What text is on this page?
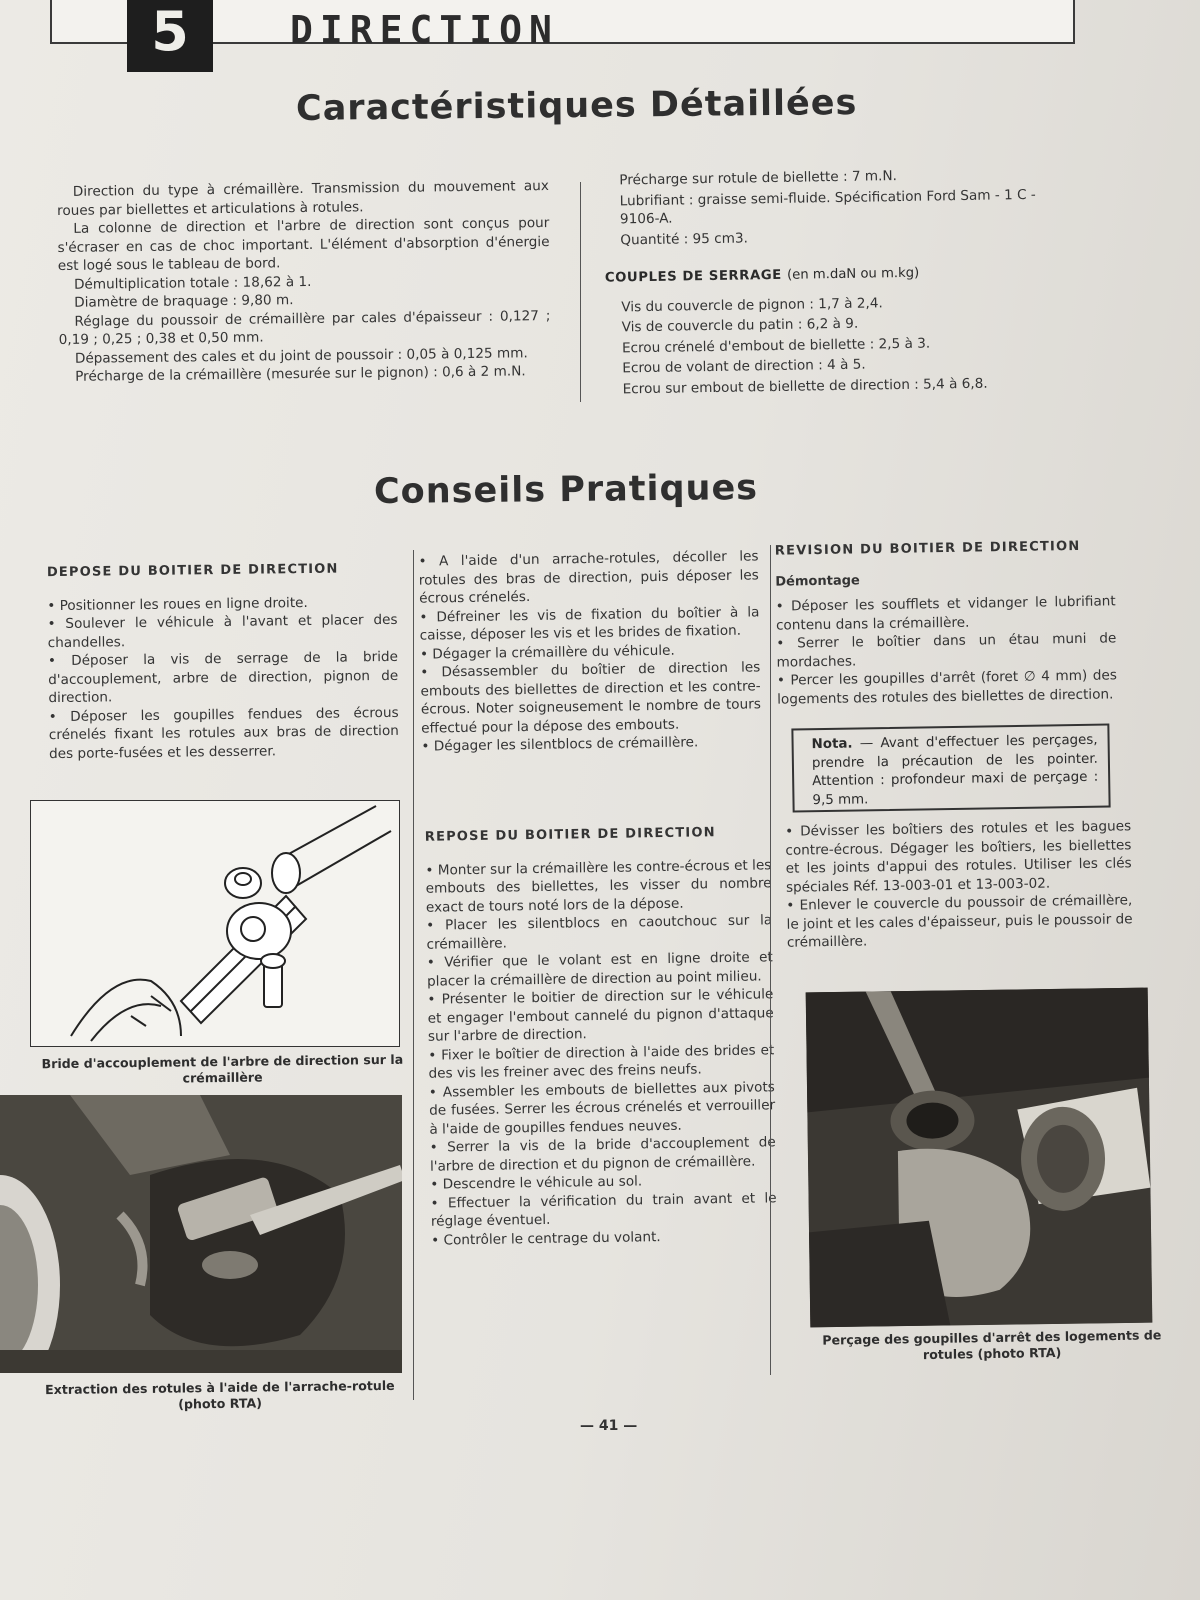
5	DIRECTION
Caractéristiques Détaillées

Direction du type à crémaillère. Transmission du mouvement aux roues par biellettes et articulations à rotules.

La colonne de direction et l'arbre de direction sont conçus pour s'écraser en cas de choc important. L'élément d'absorption d'énergie est logé sous le tableau de bord.

Démultiplication totale : 18,62 à 1.

Diamètre de braquage : 9,80 m.

Réglage du poussoir de crémaillère par cales d'épaisseur : 0,127 ; 0,19 ; 0,25 ; 0,38 et 0,50 mm.

Dépassement des cales et du joint de poussoir : 0,05 à 0,125 mm.

Précharge de la crémaillère (mesurée sur le pignon) : 0,6 à 2 m.N.

Précharge sur rotule de biellette : 7 m.N.

Lubrifiant : graisse semi-fluide. Spécification Ford Sam - 1 C - 9106-A.

Quantité : 95 cm3.

COUPLES DE SERRAGE (en m.daN ou m.kg)

Vis du couvercle de pignon : 1,7 à 2,4.

Vis de couvercle du patin : 6,2 à 9.

Ecrou crénelé d'embout de biellette : 2,5 à 3.

Ecrou de volant de direction : 4 à 5.

Ecrou sur embout de biellette de direction : 5,4 à 6,8.

Conseils Pratiques

DEPOSE DU BOITIER DE DIRECTION

• Positionner les roues en ligne droite.

• Soulever le véhicule à l'avant et placer des chandelles.

• Déposer la vis de serrage de la bride d'accouplement, arbre de direction, pignon de direction.

• Déposer les goupilles fendues des écrous crénelés fixant les rotules aux bras de direction des porte-fusées et les desserrer.

Bride d'accouplement de l'arbre de direction sur la crémaillère
Extraction des rotules à l'aide de l'arrache-rotule (photo RTA)

• A l'aide d'un arrache-rotules, décoller les rotules des bras de direction, puis déposer les écrous crénelés.

• Défreiner les vis de fixation du boîtier à la caisse, déposer les vis et les brides de fixation.

• Dégager la crémaillère du véhicule.

• Désassembler du boîtier de direction les embouts des biellettes de direction et les contre-écrous. Noter soigneusement le nombre de tours effectué pour la dépose des embouts.

• Dégager les silentblocs de crémaillère.

REPOSE DU BOITIER DE DIRECTION

• Monter sur la crémaillère les contre-écrous et les embouts des biellettes, les visser du nombre exact de tours noté lors de la dépose.

• Placer les silentblocs en caoutchouc sur la crémaillère.

• Vérifier que le volant est en ligne droite et placer la crémaillère de direction au point milieu.

• Présenter le boitier de direction sur le véhicule et engager l'embout cannelé du pignon d'attaque sur l'arbre de direction.

• Fixer le boîtier de direction à l'aide des brides et des vis les freiner avec des freins neufs.

• Assembler les embouts de biellettes aux pivots de fusées. Serrer les écrous crénelés et verrouiller à l'aide de goupilles fendues neuves.

• Serrer la vis de la bride d'accouplement de l'arbre de direction et du pignon de crémaillère.

• Descendre le véhicule au sol.

• Effectuer la vérification du train avant et le réglage éventuel.

• Contrôler le centrage du volant.

REVISION DU BOITIER DE DIRECTION

Démontage

• Déposer les soufflets et vidanger le lubrifiant contenu dans la crémaillère.

• Serrer le boîtier dans un étau muni de mordaches.

• Percer les goupilles d'arrêt (foret ∅ 4 mm) des logements des rotules des biellettes de direction.

Nota. — Avant d'effectuer les perçages, prendre la précaution de les pointer. Attention : profondeur maxi de perçage : 9,5 mm.

• Dévisser les boîtiers des rotules et les bagues contre-écrous. Dégager les boîtiers, les biellettes et les joints d'appui des rotules. Utiliser les clés spéciales Réf. 13-003-01 et 13-003-02.

• Enlever le couvercle du poussoir de crémaillère, le joint et les cales d'épaisseur, puis le poussoir de crémaillère.

Perçage des goupilles d'arrêt des logements de rotules (photo RTA)
— 41 —
